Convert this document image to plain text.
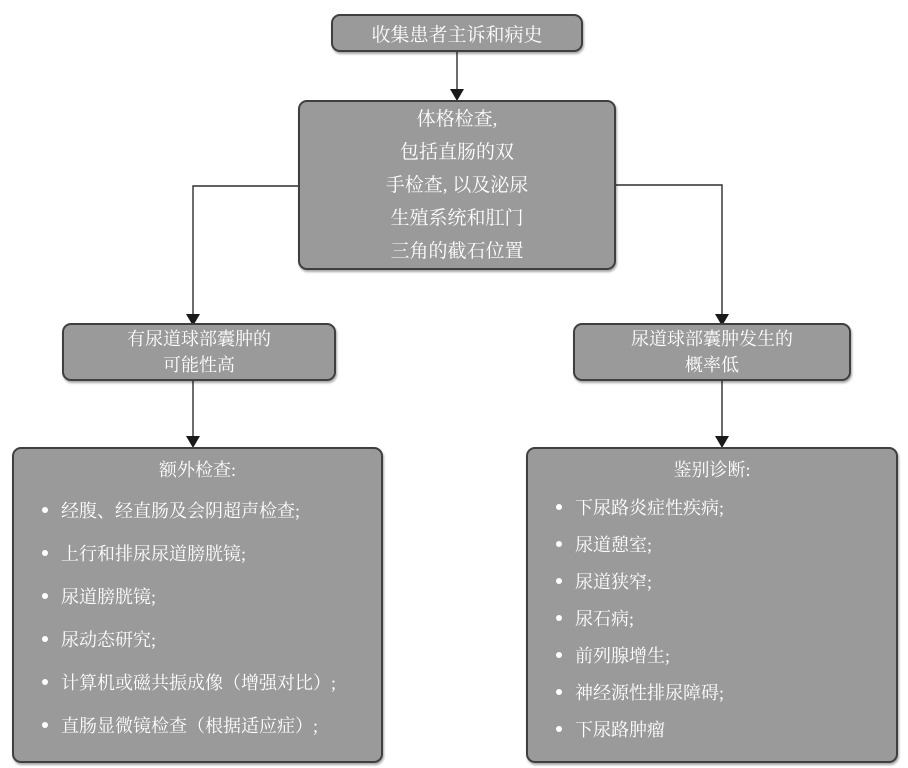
收集患者主诉和病史
体格检查,
包括直肠的双
手检查, 以及泌尿
生殖系统和肛门
三角的截石位置
有尿道球部囊肿的
可能性高
尿道球部囊肿发生的
概率低
额外检查:
经腹、经直肠及会阴超声检查;
上行和排尿尿道膀胱镜;
尿道膀胱镜;
尿动态研究;
计算机或磁共振成像（增强对比）;
直肠显微镜检查（根据适应症）;
鉴别诊断:
下尿路炎症性疾病;
尿道憩室;
尿道狭窄;
尿石病;
前列腺增生;
神经源性排尿障碍;
下尿路肿瘤
